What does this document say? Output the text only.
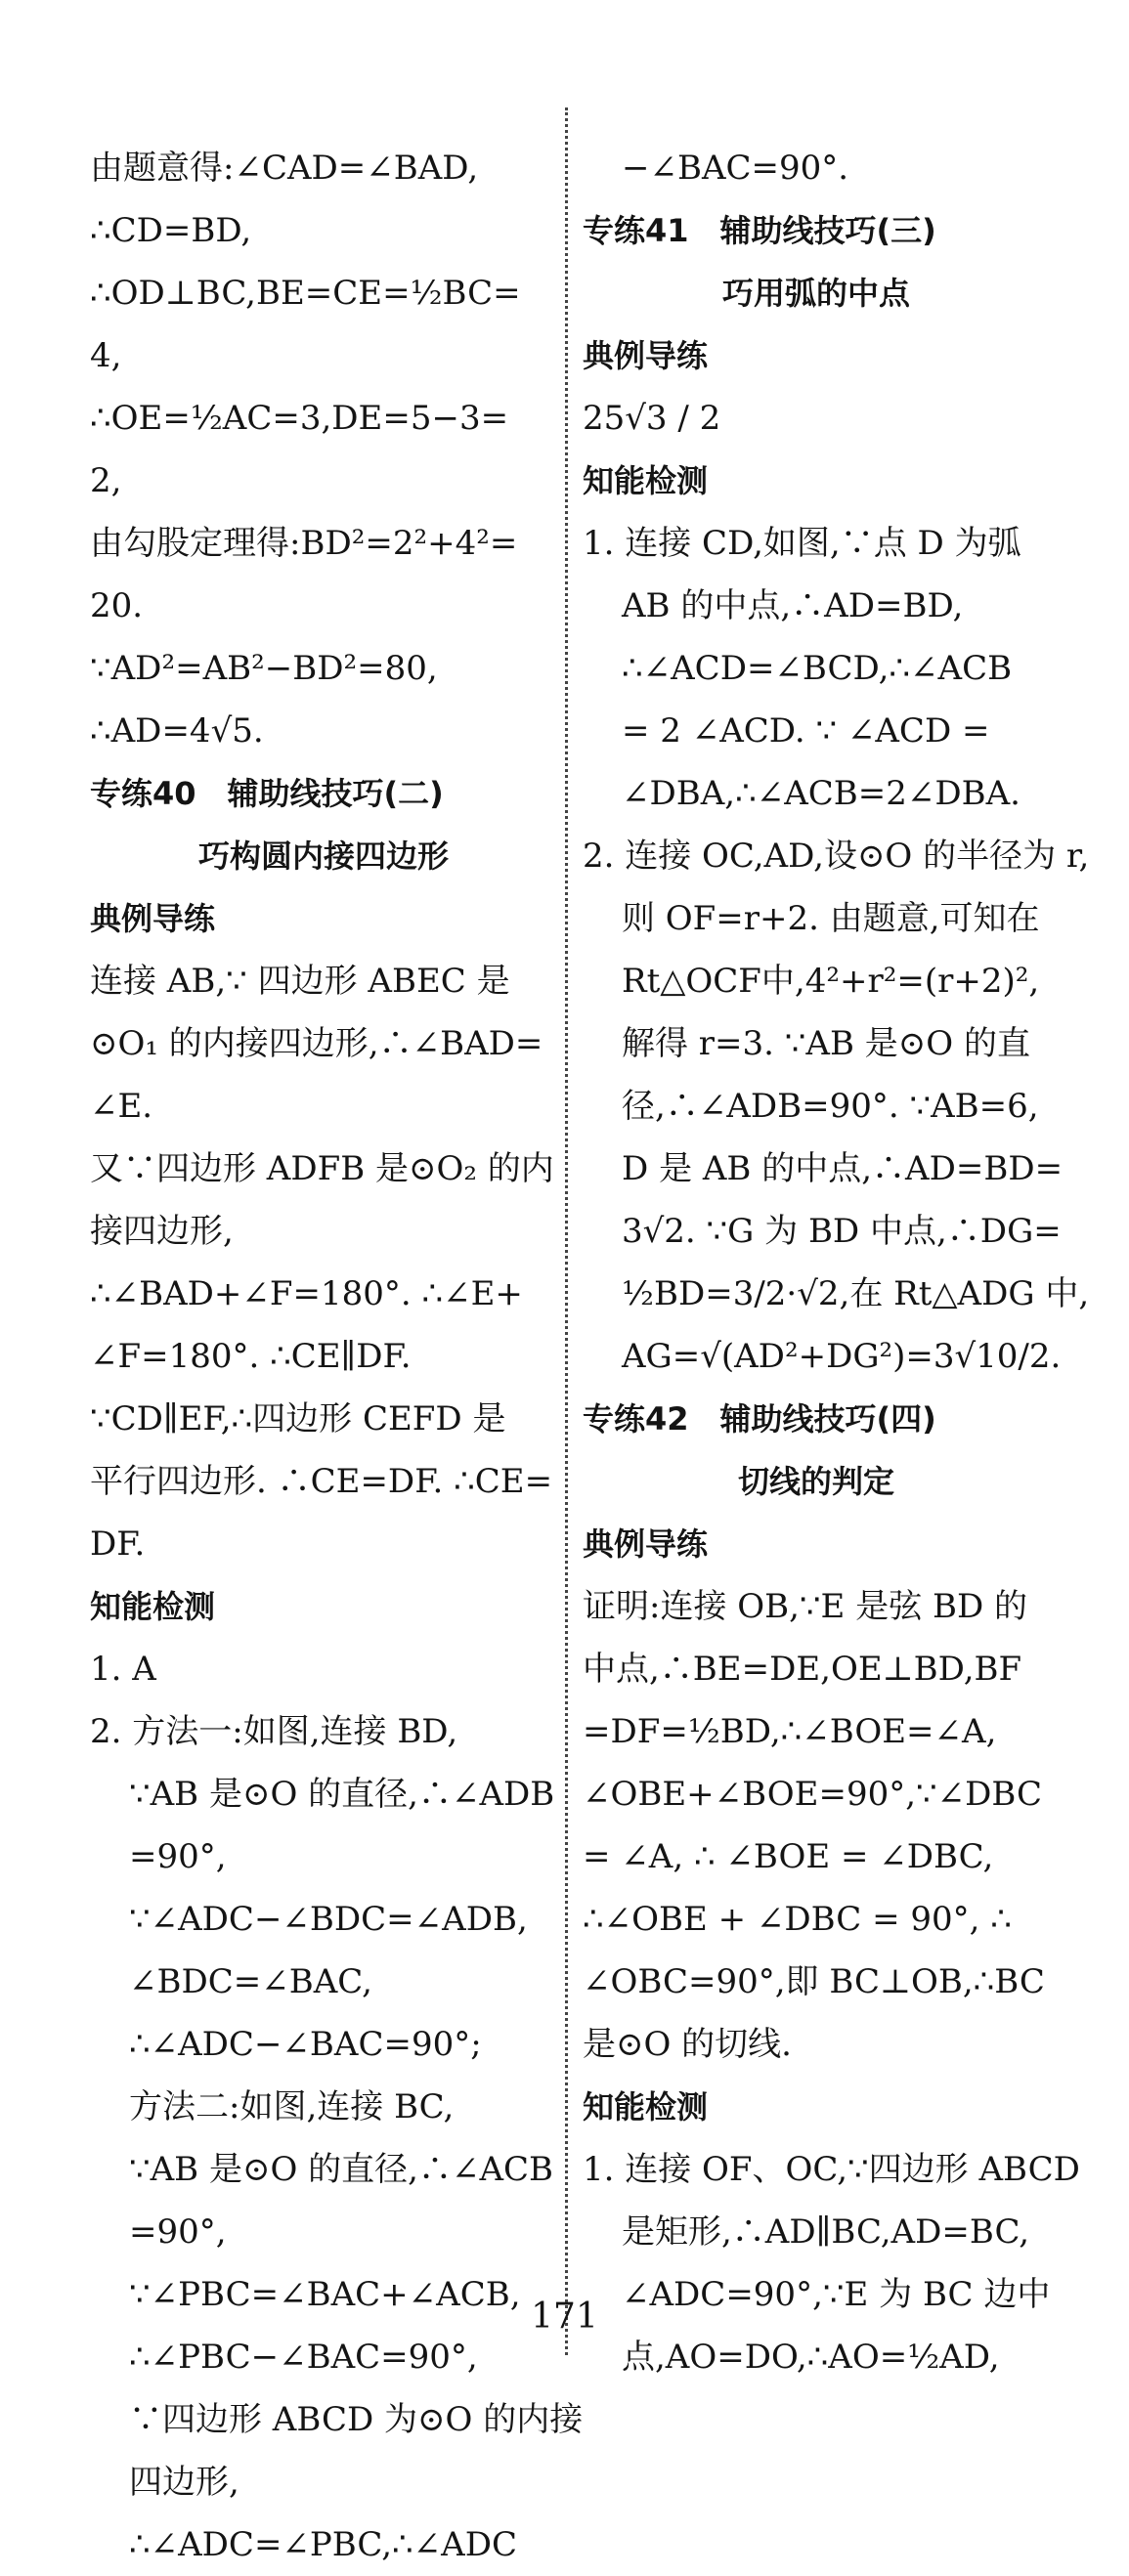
由题意得:∠CAD=∠BAD,
∴CD=BD,
∴OD⊥BC,BE=CE=½BC=
4,
∴OE=½AC=3,DE=5−3=
2,
由勾股定理得:BD²=2²+4²=
20.
∵AD²=AB²−BD²=80,
∴AD=4√5.
专练40　辅助线技巧(二)
巧构圆内接四边形
典例导练
连接 AB,∵ 四边形 ABEC 是
⊙O₁ 的内接四边形,∴∠BAD=
∠E.
又∵四边形 ADFB 是⊙O₂ 的内
接四边形,
∴∠BAD+∠F=180°. ∴∠E+
∠F=180°. ∴CE∥DF.
∵CD∥EF,∴四边形 CEFD 是
平行四边形. ∴CE=DF. ∴CE=
DF.
知能检测
1. A
2. 方法一:如图,连接 BD,
∵AB 是⊙O 的直径,∴∠ADB
=90°,
∵∠ADC−∠BDC=∠ADB,
∠BDC=∠BAC,
∴∠ADC−∠BAC=90°;
方法二:如图,连接 BC,
∵AB 是⊙O 的直径,∴∠ACB
=90°,
∵∠PBC=∠BAC+∠ACB,
∴∠PBC−∠BAC=90°,
∵四边形 ABCD 为⊙O 的内接
四边形,
∴∠ADC=∠PBC,∴∠ADC
−∠BAC=90°.
专练41　辅助线技巧(三)
巧用弧的中点
典例导练
25√3 / 2
知能检测
1. 连接 CD,如图,∵点 D 为弧
AB 的中点,∴AD=BD,
∴∠ACD=∠BCD,∴∠ACB
= 2 ∠ACD. ∵ ∠ACD =
∠DBA,∴∠ACB=2∠DBA.
2. 连接 OC,AD,设⊙O 的半径为 r,
则 OF=r+2. 由题意,可知在
Rt△OCF中,4²+r²=(r+2)²,
解得 r=3. ∵AB 是⊙O 的直
径,∴∠ADB=90°. ∵AB=6,
D 是 AB 的中点,∴AD=BD=
3√2. ∵G 为 BD 中点,∴DG=
½BD=3/2·√2,在 Rt△ADG 中,
AG=√(AD²+DG²)=3√10/2.
专练42　辅助线技巧(四)
切线的判定
典例导练
证明:连接 OB,∵E 是弦 BD 的
中点,∴BE=DE,OE⊥BD,BF
=DF=½BD,∴∠BOE=∠A,
∠OBE+∠BOE=90°,∵∠DBC
= ∠A, ∴ ∠BOE = ∠DBC,
∴∠OBE + ∠DBC = 90°, ∴
∠OBC=90°,即 BC⊥OB,∴BC
是⊙O 的切线.
知能检测
1. 连接 OF、OC,∵四边形 ABCD
是矩形,∴AD∥BC,AD=BC,
∠ADC=90°,∵E 为 BC 边中
点,AO=DO,∴AO=½AD,
171
